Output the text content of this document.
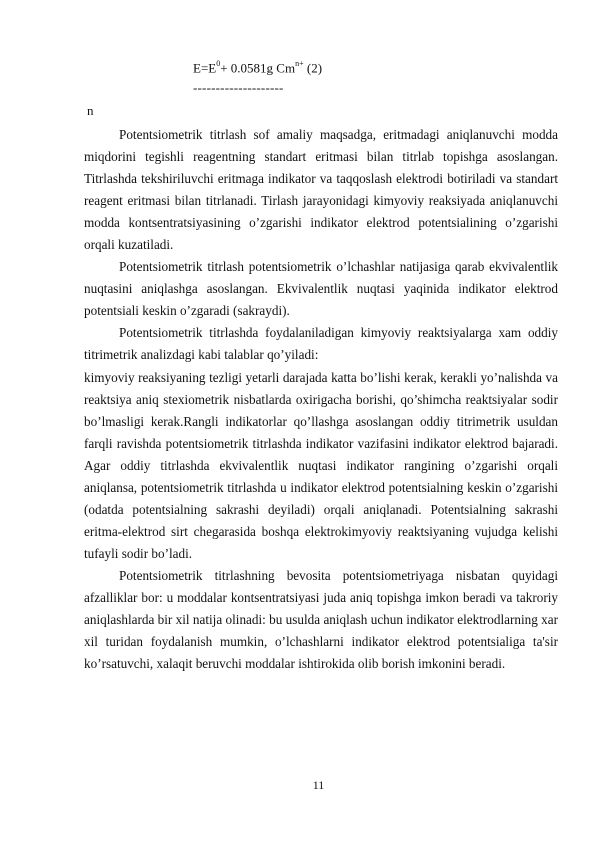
$E=E^0+ 0.0581g$ $Cm^{n+}$ (2)
--------------------
n

Potentsiometrik titrlash sof amaliy maqsadga, eritmadagi aniqlanuvchi modda miqdorini tegishli reagentning standart eritmasi bilan titrlab topishga asoslangan. Titrlashda tekshiriluvchi eritmaga indikator va taqqoslash elektrodi botiriladi va standart reagent eritmasi bilan titrlanadi. Tirlash jarayonidagi kimyoviy reaksiyada aniqlanuvchi modda kontsentratsiyasining o’zgarishi indikator elektrod potentsialining o’zgarishi orqali kuzatiladi.

Potentsiometrik titrlash potentsiometrik o’lchashlar natijasiga qarab ekvivalentlik nuqtasini aniqlashga asoslangan. Ekvivalentlik nuqtasi yaqinida indikator elektrod potentsiali keskin o’zgaradi (sakraydi).

Potentsiometrik titrlashda foydalaniladigan kimyoviy reaktsiyalarga xam oddiy titrimetrik analizdagi kabi talablar qo’yiladi:

kimyoviy reaksiyaning tezligi yetarli darajada katta bo’lishi kerak, kerakli yo’nalishda va reaktsiya aniq stexiometrik nisbatlarda oxirigacha borishi, qo’shimcha reaktsiyalar sodir bo’lmasligi kerak.Rangli indikatorlar qo’llashga asoslangan oddiy titrimetrik usuldan farqli ravishda potentsiometrik titrlashda indikator vazifasini indikator elektrod bajaradi. Agar oddiy titrlashda ekvivalentlik nuqtasi indikator rangining o’zgarishi orqali aniqlansa, potentsiometrik titrlashda u indikator elektrod potentsialning keskin o’zgarishi (odatda potentsialning sakrashi deyiladi) orqali aniqlanadi. Potentsialning sakrashi eritma-elektrod sirt chegarasida boshqa elektrokimyoviy reaktsiyaning vujudga kelishi tufayli sodir bo’ladi.

Potentsiometrik titrlashning bevosita potentsiometriyaga nisbatan quyidagi afzalliklar bor: u moddalar kontsentratsiyasi juda aniq topishga imkon beradi va takroriy aniqlashlarda bir xil natija olinadi: bu usulda aniqlash uchun indikator elektrodlarning xar xil turidan foydalanish mumkin, o’lchashlarni indikator elektrod potentsialiga ta'sir ko’rsatuvchi, xalaqit beruvchi moddalar ishtirokida olib borish imkonini beradi.

11
